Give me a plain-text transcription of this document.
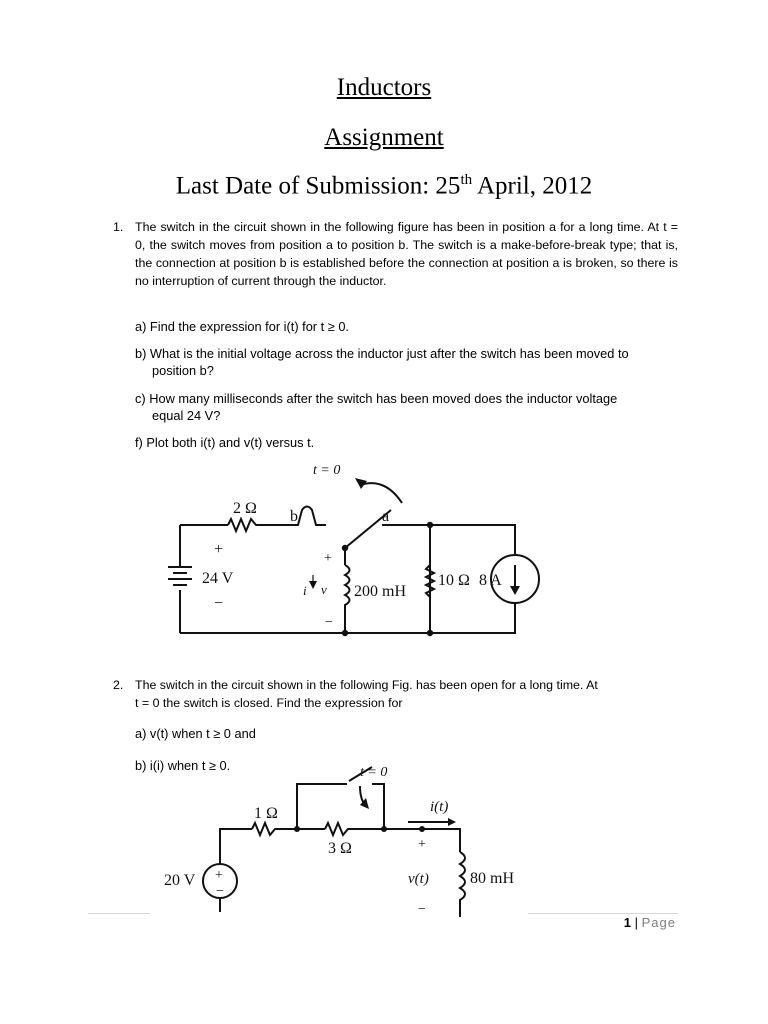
Inductors
Assignment
Last Date of Submission: 25th April, 2012
1. The switch in the circuit shown in the following figure has been in position a for a long time. At t = 0, the switch moves from position a to position b. The switch is a make-before-break type; that is, the connection at position b is established before the connection at position a is broken, so there is no interruption of current through the inductor.
a) Find the expression for i(t) for t ≥ 0.
b) What is the initial voltage across the inductor just after the switch has been moved to
position b?
c) How many milliseconds after the switch has been moved does the inductor voltage
equal 24 V?
f) Plot both i(t) and v(t) versus t.
t = 0
2 Ω b	a
+
24 V
−
+
−
i v 200 mH
10 Ω 8 A
2. The switch in the circuit shown in the following Fig. has been open for a long time. At
t = 0 the switch is closed. Find the expression for
a) v(t) when t ≥ 0 and
b) i(i) when t ≥ 0.	t = 0
1 Ω
3 Ω
i(t)
+
−
20 V
+
v(t)
−
80 mH
1 | Page
